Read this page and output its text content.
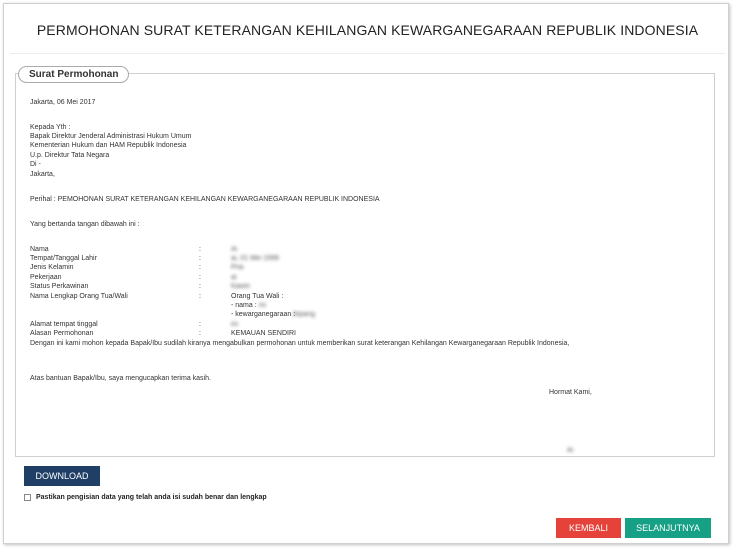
PERMOHONAN SURAT KETERANGAN KEHILANGAN KEWARGANEGARAAN REPUBLIK INDONESIA
Surat Permohonan
Jakarta, 06 Mei 2017
Kepada Yth :
Bapak Direktur Jenderal Administrasi Hukum Umum
Kementerian Hukum dan HAM Republik Indonesia
U.p. Direktur Tata Negara
Di -
Jakarta,
Perihal : PEMOHONAN SURAT KETERANGAN KEHILANGAN KEWARGANEGARAAN REPUBLIK INDONESIA
Yang bertanda tangan dibawah ini :
Nama	:	Ai
Tempat/Tanggal Lahir	:	ai, 01 Mei 1999
Jenis Kelamin	:	Pria
Pekerjaan	:	ai
Status Perkawinan	:	Kawin
Nama Lengkap Orang Tua/Wali	:	Orang Tua Wali :
- nama : ini
- kewarganegaraan :
Jepang
Alamat tempat tinggal	:	ini
Alasan Permohonan	:	KEMAUAN SENDIRI
Dengan ini kami mohon kepada Bapak/Ibu sudilah kiranya mengabulkan permohonan untuk memberikan surat keterangan Kehilangan Kewarganegaraan Republik Indonesia,
Atas bantuan Bapak/Ibu, saya mengucapkan terima kasih.
Hormat Kami,
Ai
DOWNLOAD
Pastikan pengisian data yang telah anda isi sudah benar dan lengkap
KEMBALI	SELANJUTNYA
